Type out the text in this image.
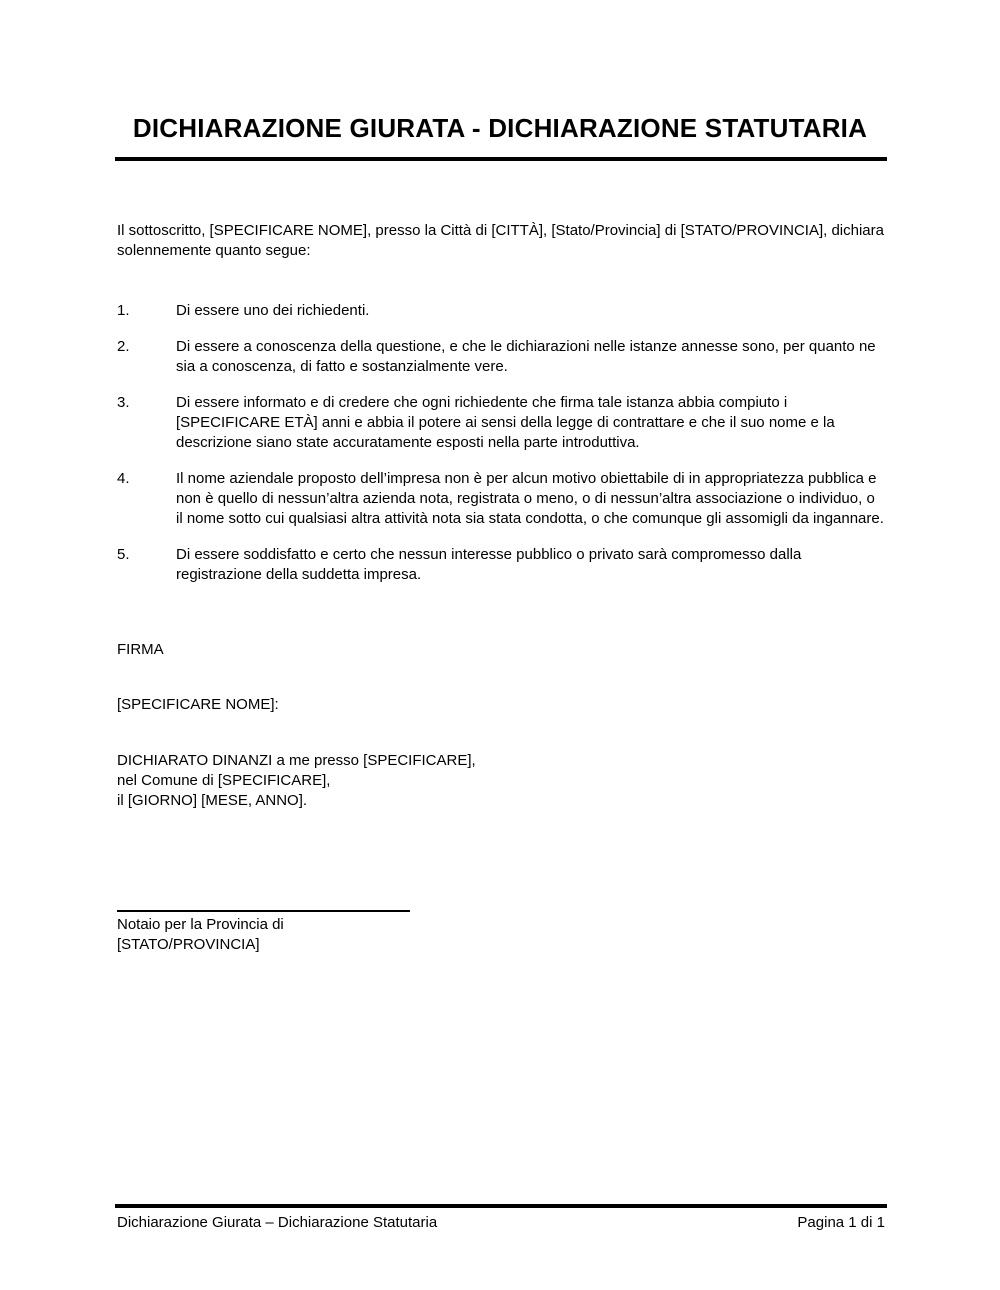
DICHIARAZIONE GIURATA - DICHIARAZIONE STATUTARIA

Il sottoscritto, [SPECIFICARE NOME], presso la Città di [CITTÀ], [Stato/Provincia] di [STATO/PROVINCIA], dichiara solennemente quanto segue:

1.	Di essere uno dei richiedenti.
2.	Di essere a conoscenza della questione, e che le dichiarazioni nelle istanze annesse sono, per quanto ne sia a conoscenza, di fatto e sostanzialmente vere.
3.	Di essere informato e di credere che ogni richiedente che firma tale istanza abbia compiuto i [SPECIFICARE ETÀ] anni e abbia il potere ai sensi della legge di contrattare e che il suo nome e la descrizione siano state accuratamente esposti nella parte introduttiva.
4.	Il nome aziendale proposto dell’impresa non è per alcun motivo obiettabile di in appropriatezza pubblica e non è quello di nessun’altra azienda nota, registrata o meno, o di nessun’altra associazione o individuo, o il nome sotto cui qualsiasi altra attività nota sia stata condotta, o che comunque gli assomigli da ingannare.
5.	Di essere soddisfatto e certo che nessun interesse pubblico o privato sarà compromesso dalla registrazione della suddetta impresa.

FIRMA

[SPECIFICARE NOME]:

DICHIARATO DINANZI a me presso [SPECIFICARE],
nel Comune di [SPECIFICARE],
il [GIORNO] [MESE, ANNO].
Notaio per la Provincia di
[STATO/PROVINCIA]
Dichiarazione Giurata – Dichiarazione Statutaria	Pagina 1 di 1
